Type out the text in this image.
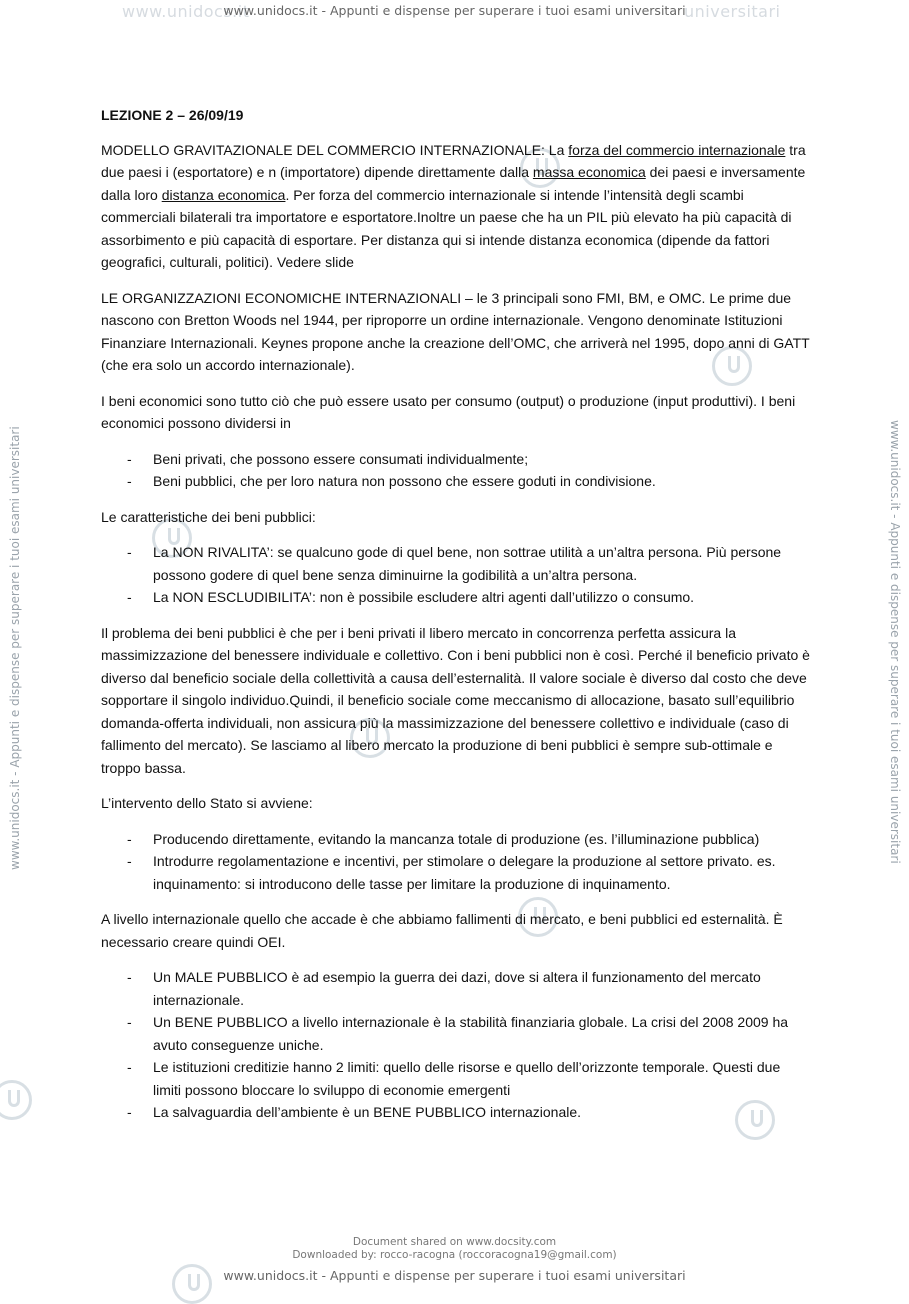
www.unidocs.it	universitari
www.unidocs.it - Appunti e dispense per superare i tuoi esami universitari
www.unidocs.it - Appunti e dispense per superare i tuoi esami universitari	www.unidocs.it - Appunti e dispense per superare i tuoi esami universitari
LEZIONE 2 – 26/09/19

MODELLO GRAVITAZIONALE DEL COMMERCIO INTERNAZIONALE: La forza del commercio internazionale tra due paesi i (esportatore) e n (importatore) dipende direttamente dalla massa economica dei paesi e inversamente dalla loro distanza economica. Per forza del commercio internazionale si intende l’intensità degli scambi commerciali bilaterali tra importatore e esportatore.Inoltre un paese che ha un PIL più elevato ha più capacità di assorbimento e più capacità di esportare. Per distanza qui si intende distanza economica (dipende da fattori geografici, culturali, politici). Vedere slide

LE ORGANIZZAZIONI ECONOMICHE INTERNAZIONALI – le 3 principali sono FMI, BM, e OMC. Le prime due nascono con Bretton Woods nel 1944, per riproporre un ordine internazionale. Vengono denominate Istituzioni Finanziare Internazionali. Keynes propone anche la creazione dell’OMC, che arriverà nel 1995, dopo anni di GATT (che era solo un accordo internazionale).

I beni economici sono tutto ciò che può essere usato per consumo (output) o produzione (input produttivi). I beni economici possono dividersi in

- Beni privati, che possono essere consumati individualmente;
- Beni pubblici, che per loro natura non possono che essere goduti in condivisione.

Le caratteristiche dei beni pubblici:

- La NON RIVALITA’: se qualcuno gode di quel bene, non sottrae utilità a un’altra persona. Più persone possono godere di quel bene senza diminuirne la godibilità a un’altra persona.
- La NON ESCLUDIBILITA’: non è possibile escludere altri agenti dall’utilizzo o consumo.

Il problema dei beni pubblici è che per i beni privati il libero mercato in concorrenza perfetta assicura la massimizzazione del benessere individuale e collettivo. Con i beni pubblici non è così. Perché il beneficio privato è diverso dal beneficio sociale della collettività a causa dell’esternalità. Il valore sociale è diverso dal costo che deve sopportare il singolo individuo.Quindi, il beneficio sociale come meccanismo di allocazione, basato sull’equilibrio domanda-offerta individuali, non assicura più la massimizzazione del benessere collettivo e individuale (caso di fallimento del mercato). Se lasciamo al libero mercato la produzione di beni pubblici è sempre sub-ottimale e troppo bassa.

L’intervento dello Stato si avviene:

- Producendo direttamente, evitando la mancanza totale di produzione (es. l’illuminazione pubblica)
- Introdurre regolamentazione e incentivi, per stimolare o delegare la produzione al settore privato. es. inquinamento: si introducono delle tasse per limitare la produzione di inquinamento.

A livello internazionale quello che accade è che abbiamo fallimenti di mercato, e beni pubblici ed esternalità. È necessario creare quindi OEI.

- Un MALE PUBBLICO è ad esempio la guerra dei dazi, dove si altera il funzionamento del mercato internazionale.
- Un BENE PUBBLICO a livello internazionale è la stabilità finanziaria globale. La crisi del 2008 2009 ha avuto conseguenze uniche.
- Le istituzioni creditizie hanno 2 limiti: quello delle risorse e quello dell’orizzonte temporale. Questi due limiti possono bloccare lo sviluppo di economie emergenti
- La salvaguardia dell’ambiente è un BENE PUBBLICO internazionale.
Document shared on www.docsity.com
Downloaded by: rocco-racogna (roccoracogna19@gmail.com)
www.unidocs.it - Appunti e dispense per superare i tuoi esami universitari
